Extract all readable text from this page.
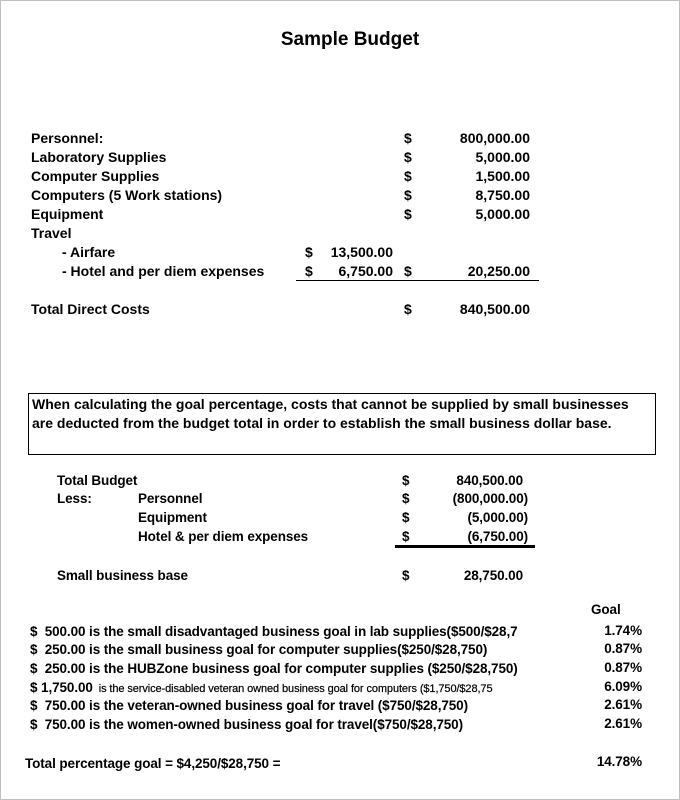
Sample Budget
Personnel:	$	800,000.00
Laboratory Supplies	$	5,000.00
Computer Supplies	$	1,500.00
Computers (5 Work stations)	$	8,750.00
Equipment	$	5,000.00
Travel
- Airfare	$ 13,500.00
- Hotel and per diem expenses	$ 6,750.00 $	20,250.00
Total Direct Costs	$	840,500.00
When calculating the goal percentage, costs that cannot be supplied by small businesses are deducted from the budget total in order to establish the small business dollar base.
Total Budget	$	840,500.00
Less:	Personnel	$	(800,000.00)
Equipment	$	(5,000.00)
Hotel & per diem expenses	$	(6,750.00)
Small business base	$	28,750.00
Goal
$  500.00 is the small disadvantaged business goal in lab supplies($500/$28,7	1.74%
$  250.00 is the small business goal for computer supplies($250/$28,750)	0.87%
$  250.00 is the HUBZone business goal for computer supplies ($250/$28,750)	0.87%
$ 1,750.00  is the service-disabled veteran owned business goal for computers ($1,750/$28,75	6.09%
$  750.00 is the veteran-owned business goal for travel ($750/$28,750)	2.61%
$  750.00 is the women-owned business goal for travel($750/$28,750)	2.61%
Total percentage goal = $4,250/$28,750 =	14.78%
